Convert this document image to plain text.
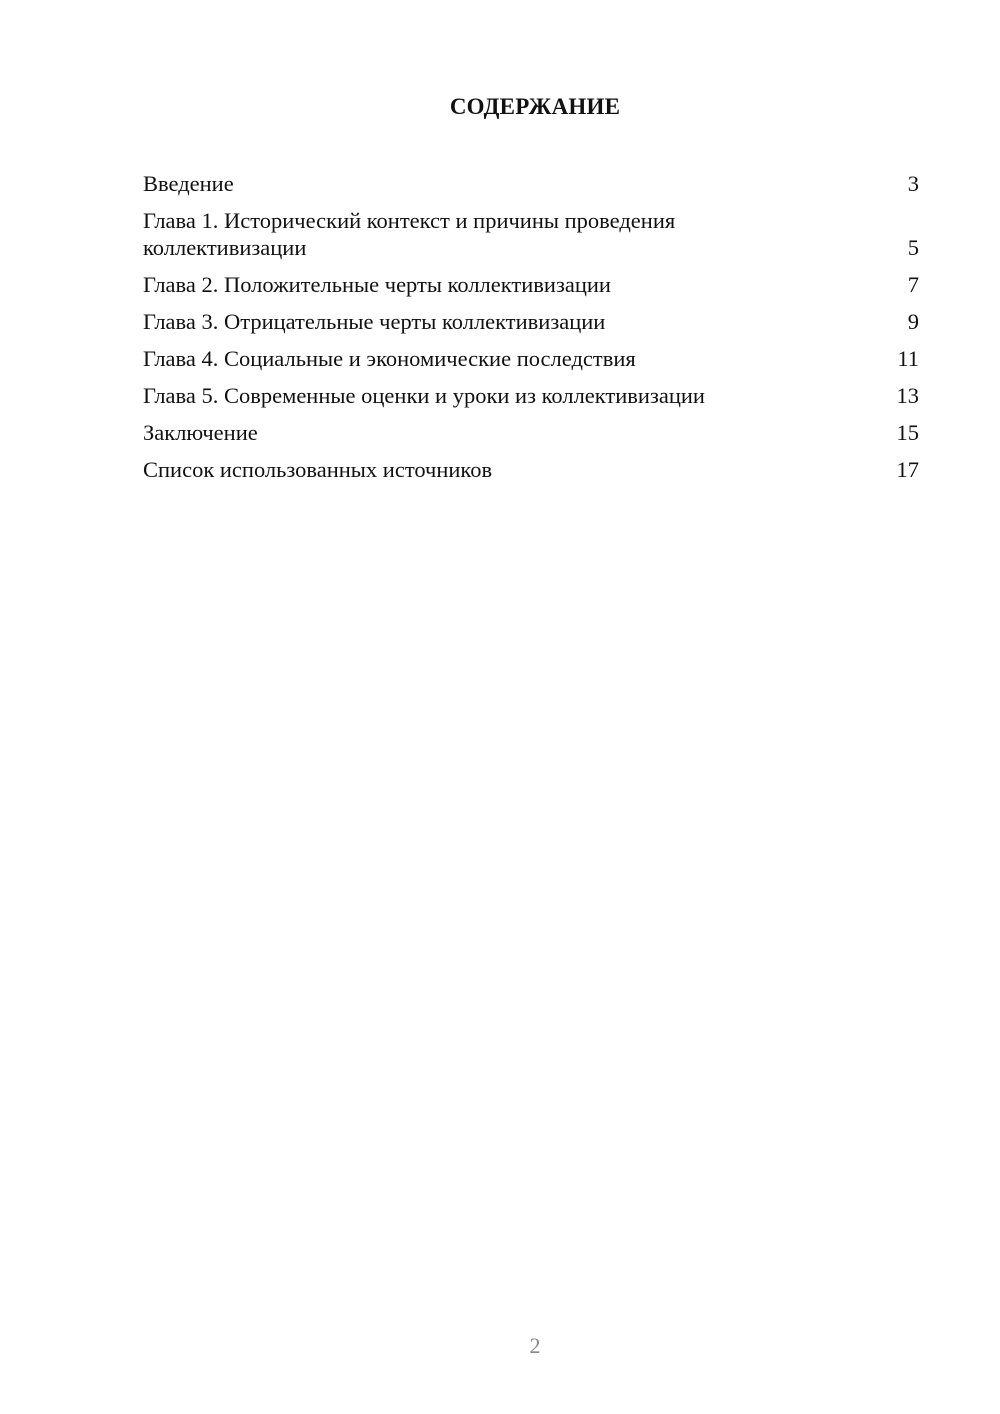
СОДЕРЖАНИЕ
Введение	3
Глава 1. Исторический контекст и причины проведения коллективизации	5
Глава 2. Положительные черты коллективизации	7
Глава 3. Отрицательные черты коллективизации	9
Глава 4. Социальные и экономические последствия	11
Глава 5. Современные оценки и уроки из коллективизации	13
Заключение	15
Список использованных источников	17
2
